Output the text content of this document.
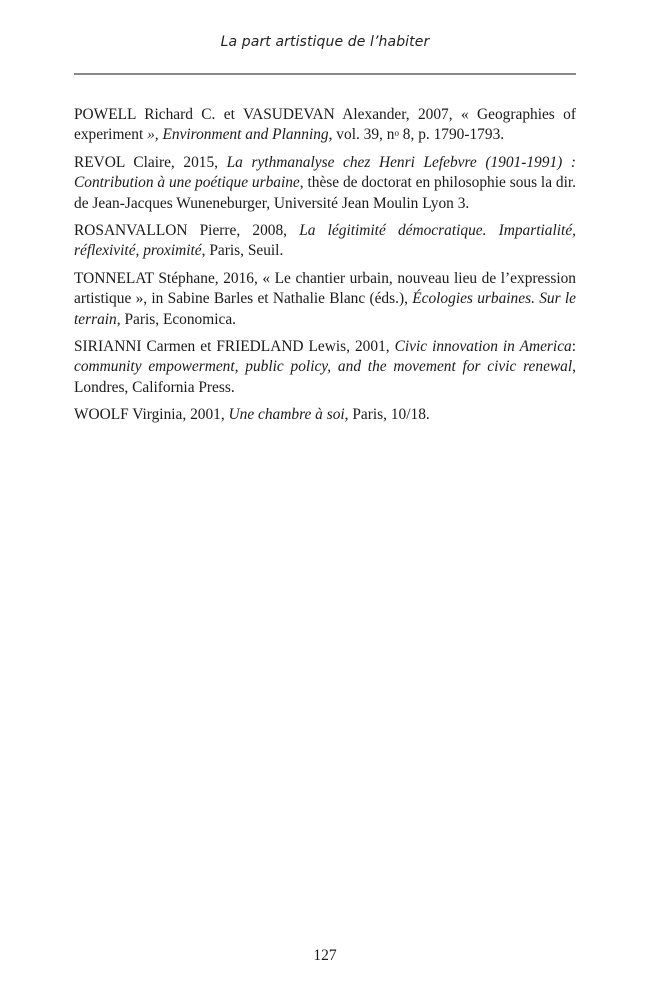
La part artistique de l’habiter

POWELL Richard C. et VASUDEVAN Alexander, 2007, « Geographies of experiment », Environment and Planning, vol. 39, $n^o$ 8, p. 1790-1793.

REVOL Claire, 2015, La rythmanalyse chez Henri Lefebvre (1901-1991) : Contribution à une poétique urbaine, thèse de doctorat en philosophie sous la dir. de Jean-Jacques Wuneneburger, Université Jean Moulin Lyon 3.

ROSANVALLON Pierre, 2008, La légitimité démocratique. Impartialité, réflexivité, proximité, Paris, Seuil.

TONNELAT Stéphane, 2016, « Le chantier urbain, nouveau lieu de l’expression artistique », in Sabine Barles et Nathalie Blanc (éds.), Écologies urbaines. Sur le terrain, Paris, Economica.

SIRIANNI Carmen et FRIEDLAND Lewis, 2001, Civic innovation in America: community empowerment, public policy, and the movement for civic renewal, Londres, California Press.

WOOLF Virginia, 2001, Une chambre à soi, Paris, 10/18.

127
